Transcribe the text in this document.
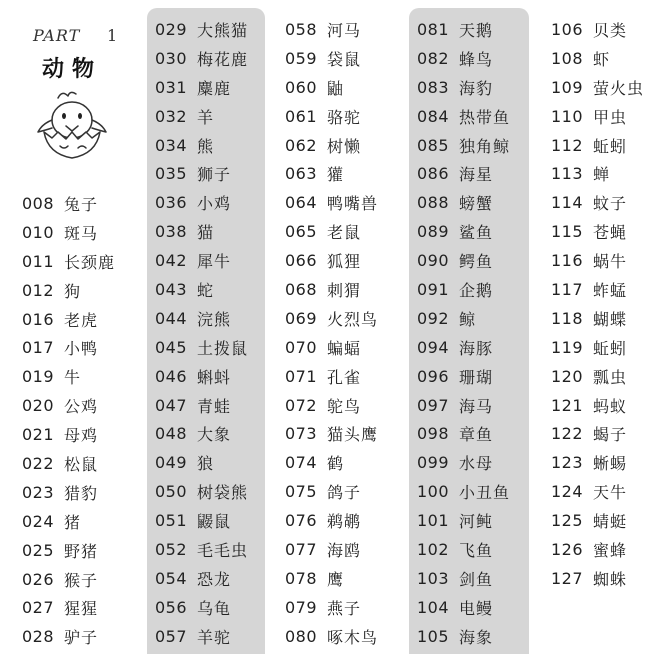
PART 1
动物
008 兔子
010 斑马
011 长颈鹿
012 狗
016 老虎
017 小鸭
019 牛
020 公鸡
021 母鸡
022 松鼠
023 猎豹
024 猪
025 野猪
026 猴子
027 猩猩
028 驴子
029 大熊猫
030 梅花鹿
031 麋鹿
032 羊
034 熊
035 狮子
036 小鸡
038 猫
042 犀牛
043 蛇
044 浣熊
045 土拨鼠
046 蝌蚪
047 青蛙
048 大象
049 狼
050 树袋熊
051 鼹鼠
052 毛毛虫
054 恐龙
056 乌龟
057 羊驼
058 河马
059 袋鼠
060 鼬
061 骆驼
062 树懒
063 獾
064 鸭嘴兽
065 老鼠
066 狐狸
068 刺猬
069 火烈鸟
070 蝙蝠
071 孔雀
072 鸵鸟
073 猫头鹰
074 鹤
075 鸽子
076 鹈鹕
077 海鸥
078 鹰
079 燕子
080 啄木鸟
081 天鹅
082 蜂鸟
083 海豹
084 热带鱼
085 独角鲸
086 海星
088 螃蟹
089 鲨鱼
090 鳄鱼
091 企鹅
092 鲸
094 海豚
096 珊瑚
097 海马
098 章鱼
099 水母
100 小丑鱼
101 河鲀
102 飞鱼
103 剑鱼
104 电鳗
105 海象
106 贝类
108 虾
109 萤火虫
110 甲虫
112 蚯蚓
113 蝉
114 蚊子
115 苍蝇
116 蜗牛
117 蚱蜢
118 蝴蝶
119 蚯蚓
120 瓢虫
121 蚂蚁
122 蝎子
123 蜥蜴
124 天牛
125 蜻蜓
126 蜜蜂
127 蜘蛛
